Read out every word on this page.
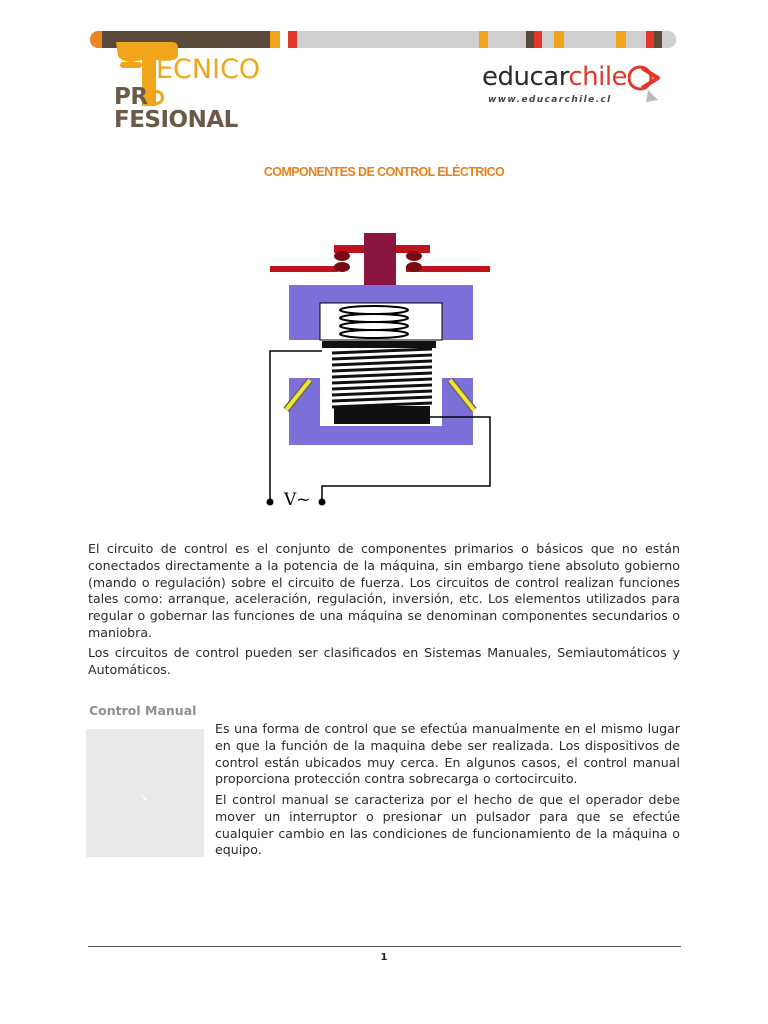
ÉCNICO
PRFESIONAL
educarchile
www.educarchile.cl
COMPONENTES DE CONTROL ELÉCTRICO
V~

El circuito de control es el conjunto de componentes primarios o básicos que no están conectados directamente a la potencia de la máquina, sin embargo tiene absoluto gobierno (mando o regulación) sobre el circuito de fuerza. Los circuitos de control realizan funciones tales como: arranque, aceleración, regulación, inversión, etc. Los elementos utilizados para regular o gobernar las funciones de una máquina se denominan componentes secundarios o maniobra.

Los circuitos de control pueden ser clasificados en Sistemas Manuales, Semiautomáticos y Automáticos.

Control Manual
➘

Es una forma de control que se efectúa manualmente en el mismo lugar en que la función de la maquina debe ser realizada. Los dispositivos de control están ubicados muy cerca. En algunos casos, el control manual proporciona protección contra sobrecarga o cortocircuito.

El control manual se caracteriza por el hecho de que el operador debe mover un interruptor o presionar un pulsador para que se efectúe cualquier cambio en las condiciones de funcionamiento de la máquina o equipo.

1
